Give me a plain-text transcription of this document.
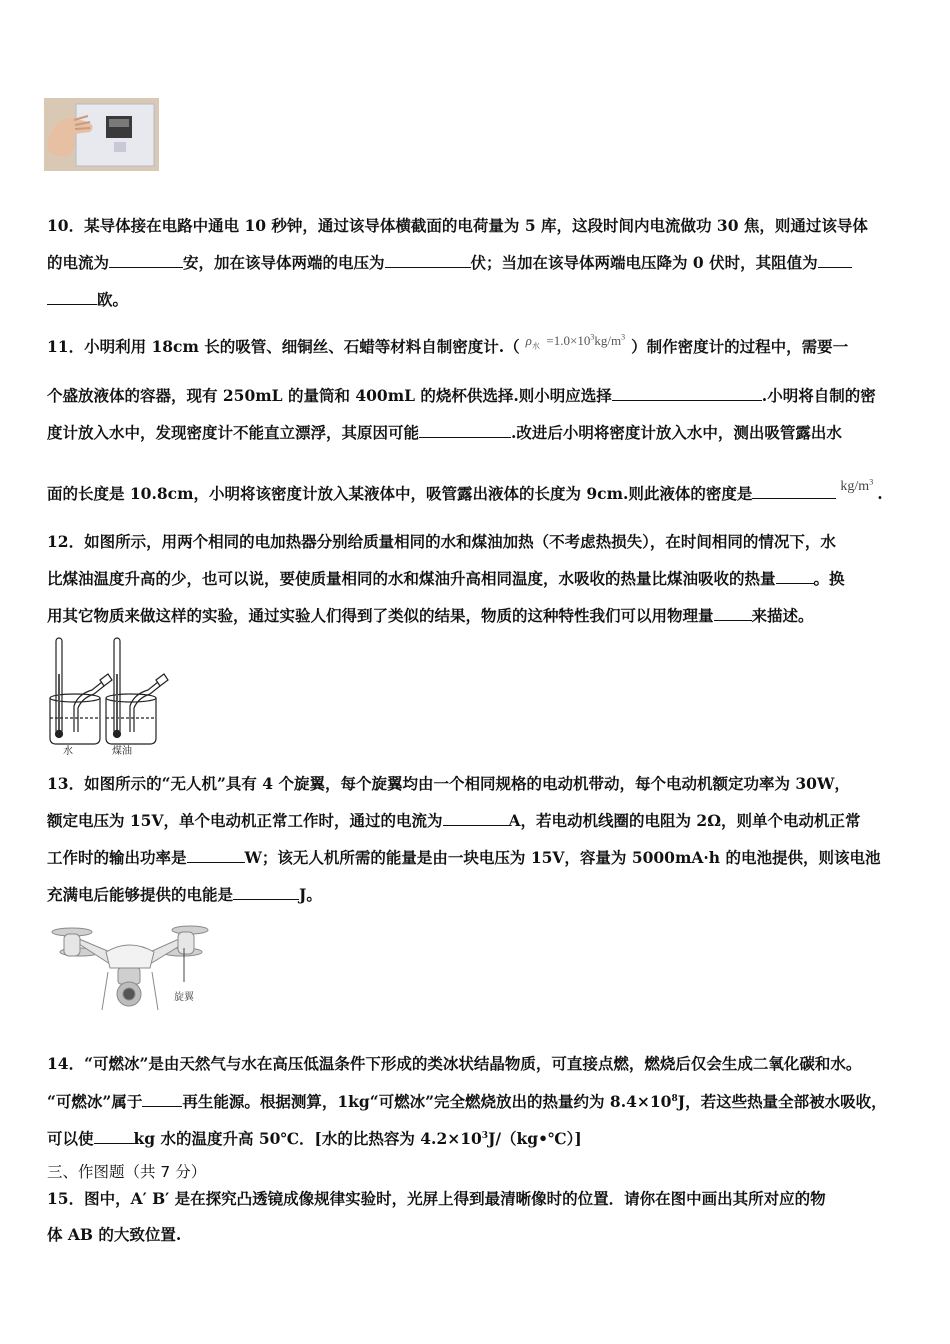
10．某导体接在电路中通电 10 秒钟，通过该导体横截面的电荷量为 5 库，这段时间内电流做功 30 焦，则通过该导体
的电流为	安，加在该导体两端的电压为	伏；当加在该导体两端电压降为 0 伏时，其阻值为
欧。
11．小明利用 18cm 长的吸管、细铜丝、石蜡等材料自制密度计.（ $^{\rho_水 =1.0\times 10^3kg/m^3}$ ）制作密度计的过程中，需要一
个盛放液体的容器，现有 250mL 的量筒和 400mL 的烧杯供选择.则小明应选择	.小明将自制的密
度计放入水中，发现密度计不能直立漂浮，其原因可能	.改进后小明将密度计放入水中，测出吸管露出水
面的长度是 10.8cm，小明将该密度计放入某液体中，吸管露出液体的长度为 9cm.则此液体的密度是	$kg/m^3$.
12．如图所示，用两个相同的电加热器分别给质量相同的水和煤油加热（不考虑热损失），在时间相同的情况下，水
比煤油温度升高的少，也可以说，要使质量相同的水和煤油升高相同温度，水吸收的热量比煤油吸收的热量 。换
用其它物质来做这样的实验，通过实验人们得到了类似的结果，物质的这种特性我们可以用物理量 来描述。
水	煤油
13．如图所示的“无人机”具有 4 个旋翼，每个旋翼均由一个相同规格的电动机带动，每个电动机额定功率为 30W，
额定电压为 15V，单个电动机正常工作时，通过的电流为	A，若电动机线圈的电阻为 2Ω，则单个电动机正常
工作时的输出功率是	W；该无人机所需的能量是由一块电压为 15V，容量为 5000mA·h 的电池提供，则该电池
充满电后能够提供的电能是	J。
旋翼
14．“可燃冰”是由天然气与水在高压低温条件下形成的类冰状结晶物质，可直接点燃，燃烧后仅会生成二氧化碳和水。
“可燃冰”属于	再生能源。根据测算，1kg“可燃冰”完全燃烧放出的热量约为 $8.4\times 10^8J$，若这些热量全部被水吸收，
可以使	kg 水的温度升高 50℃．[水的比热容为 $4.2\times 10^3J/(kg•℃)$]
三、作图题（共 7 分）
15．图中，A′ B′ 是在探究凸透镜成像规律实验时，光屏上得到最清晰像时的位置．请你在图中画出其所对应的物
体 AB 的大致位置.
